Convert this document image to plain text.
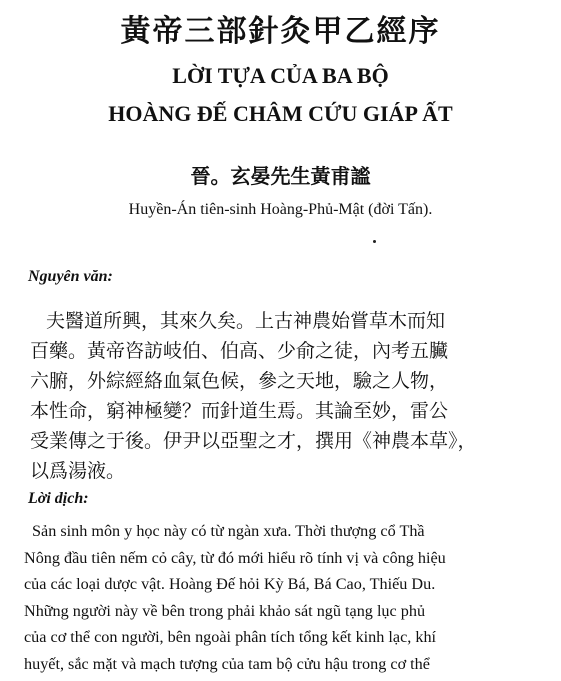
黃帝三部針灸甲乙經序
LỜI TỰA CỦA BA BỘ
HOÀNG ĐẾ CHÂM CỨU GIÁP ẤT
晉。玄晏先生黃甫謐
Huyền-Án tiên-sinh Hoàng-Phủ-Mật (đời Tấn).
Nguyên văn:
夫醫道所興，其來久矣。上古神農始嘗草木而知
百藥。黃帝咨訪岐伯、伯高、少俞之徒，內考五臟
六腑，外綜經絡血氣色候，參之天地，驗之人物，
本性命，窮神極變？而針道生焉。其論至妙，雷公
受業傳之于後。伊尹以亞聖之才，撰用《神農本草》，
以爲湯液。
Lời dịch:
Sản sinh môn y học này có từ ngàn xưa. Thời thượng cổ Thầ
Nông đầu tiên nếm cỏ cây, từ đó mới hiểu rõ tính vị và công hiệu
của các loại dược vật. Hoàng Đế hỏi Kỳ Bá, Bá Cao, Thiếu Du.
Những người này về bên trong phải khảo sát ngũ tạng lục phủ
của cơ thể con người, bên ngoài phân tích tổng kết kinh lạc, khí
huyết, sắc mặt và mạch tượng của tam bộ cửu hậu trong cơ thể
